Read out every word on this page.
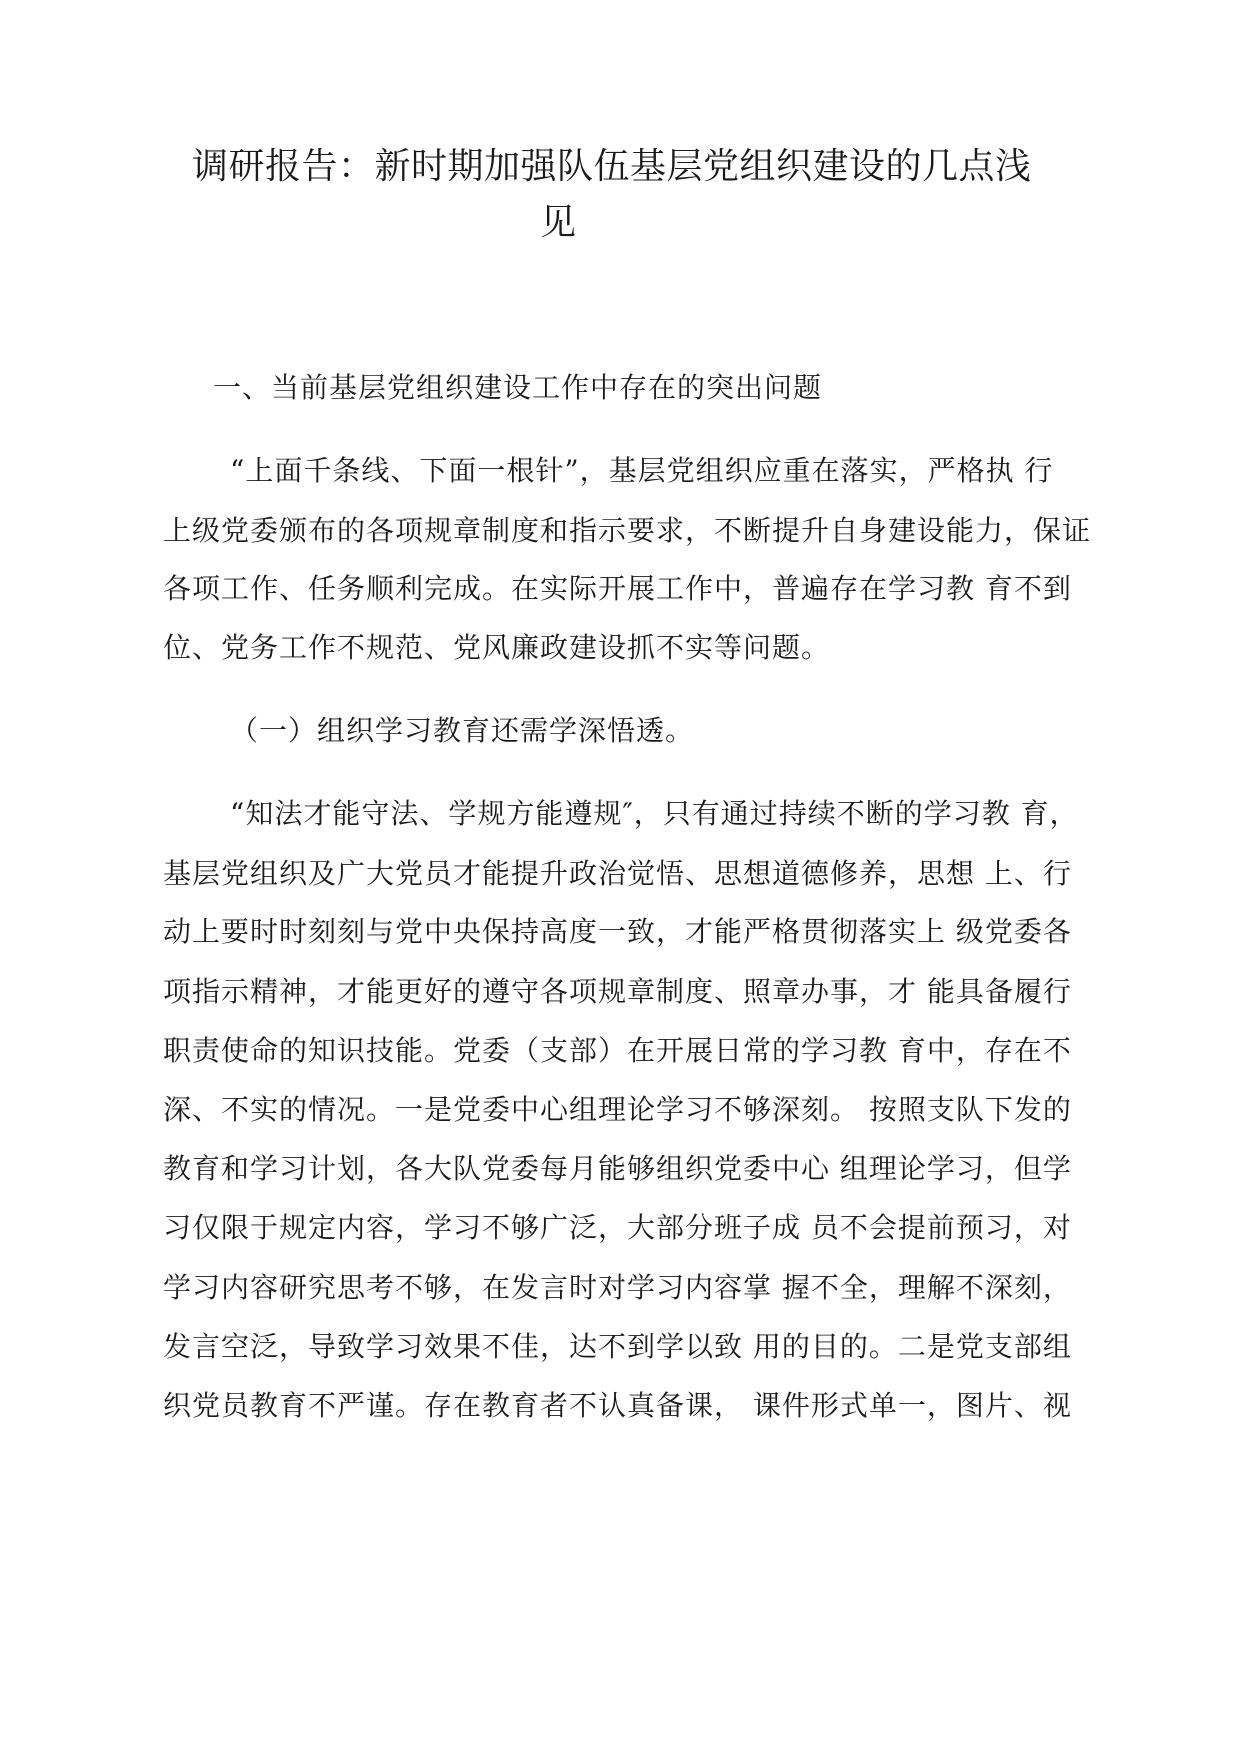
调研报告：新时期加强队伍基层党组织建设的几点浅
见
一、当前基层党组织建设工作中存在的突出问题
“上面千条线、下面一根针”，基层党组织应重在落实，严格执 行
上级党委颁布的各项规章制度和指示要求，不断提升自身建设能力，保证
各项工作、任务顺利完成。在实际开展工作中，普遍存在学习教 育不到
位、党务工作不规范、党风廉政建设抓不实等问题。
（一）组织学习教育还需学深悟透。
“知法才能守法、学规方能遵规″，只有通过持续不断的学习教 育，
基层党组织及广大党员才能提升政治觉悟、思想道德修养，思想 上、行
动上要时时刻刻与党中央保持高度一致，才能严格贯彻落实上 级党委各
项指示精神，才能更好的遵守各项规章制度、照章办事，才 能具备履行
职责使命的知识技能。党委（支部）在开展日常的学习教 育中，存在不
深、不实的情况。一是党委中心组理论学习不够深刻。 按照支队下发的
教育和学习计划，各大队党委每月能够组织党委中心 组理论学习，但学
习仅限于规定内容，学习不够广泛，大部分班子成 员不会提前预习，对
学习内容研究思考不够，在发言时对学习内容掌 握不全，理解不深刻，
发言空泛，导致学习效果不佳，达不到学以致 用的目的。二是党支部组
织党员教育不严谨。存在教育者不认真备课， 课件形式单一，图片、视
